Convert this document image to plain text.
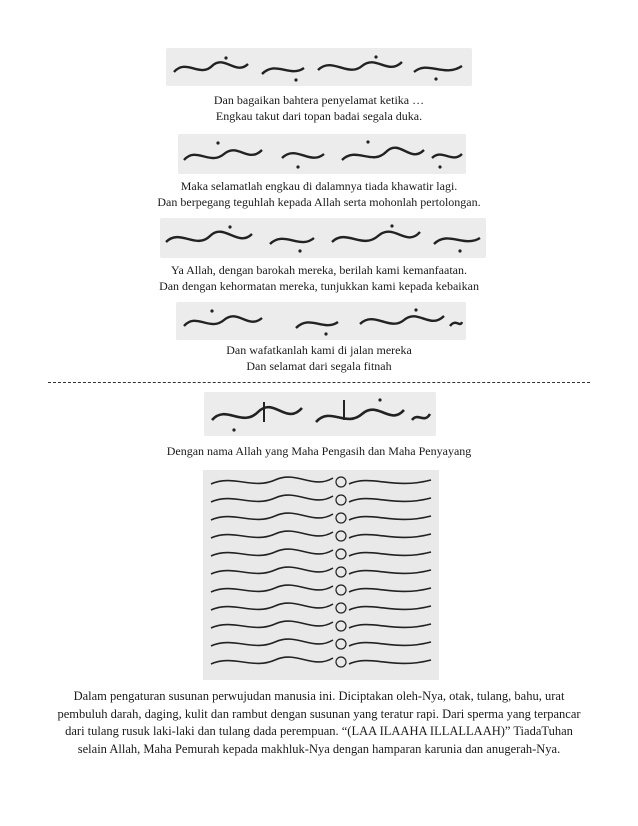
Dan bagaikan bahtera penyelamat ketika …
Engkau takut dari topan badai segala duka.
Maka selamatlah engkau di dalamnya tiada khawatir lagi.
Dan berpegang teguhlah kepada Allah serta mohonlah pertolongan.
Ya Allah, dengan barokah mereka, berilah kami kemanfaatan.
Dan dengan kehormatan mereka, tunjukkan kami kepada kebaikan
Dan wafatkanlah kami di jalan mereka
Dan selamat dari segala fitnah
Dengan nama Allah yang Maha Pengasih dan Maha Penyayang
Dalam pengaturan susunan perwujudan manusia ini. Diciptakan oleh-Nya, otak, tulang, bahu, urat
pembuluh darah, daging, kulit dan rambut dengan susunan yang teratur rapi. Dari sperma yang terpancar
dari tulang rusuk laki-laki dan tulang dada perempuan. “(LAA ILAAHA ILLALLAAH)” TiadaTuhan
selain Allah, Maha Pemurah kepada makhluk-Nya dengan hamparan karunia dan anugerah-Nya.
